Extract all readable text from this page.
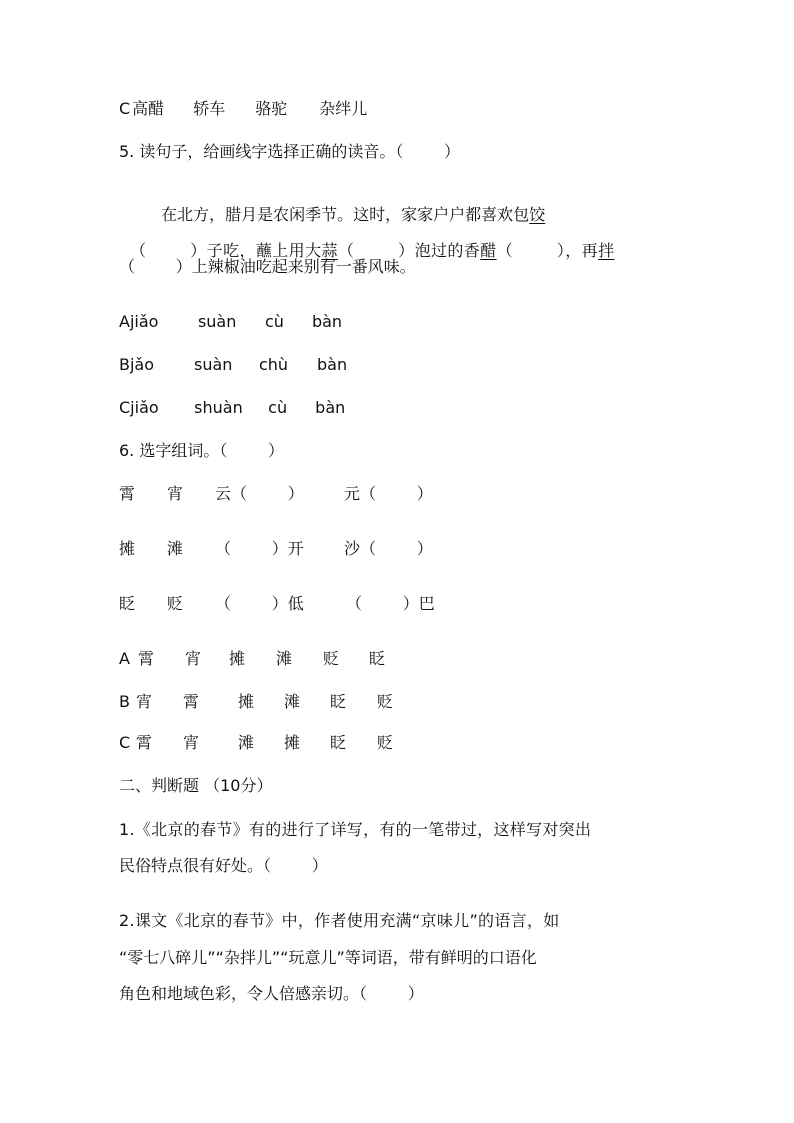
C 高醋 轿车 骆驼 杂绊儿
5. 读句子，给画线字选择正确的读音。（        ）

在北方，腊月是农闲季节。这时，家家户户都喜欢包饺

（        ）子吃，蘸上用大蒜（        ）泡过的香醋（        ），再拌

（        ）上辣椒油吃起来别有一番风味。
A jiǎo	suàn	cù	bàn
B jǎo	suàn	chù	bàn
C jiǎo	shuàn	cù	bàn
6. 选字组词。（        ）
霄 宵 云（        ）	元（        ）
摊 滩 （        ）开	沙（        ）
眨 贬 （        ）低	（        ）巴
A 霄	宵	摊	滩	贬	眨
B 宵	霄	摊	滩	眨	贬
C 霄	宵	滩	摊	眨	贬
二、判断题 （10分）
1.《北京的春节》有的进行了详写，有的一笔带过，这样写对突出
民俗特点很有好处。（        ）
2.课文《北京的春节》中，作者使用充满“京味儿”的语言，如
“零七八碎儿”“杂拌儿”“玩意儿”等词语，带有鲜明的口语化
角色和地域色彩，令人倍感亲切。（        ）
